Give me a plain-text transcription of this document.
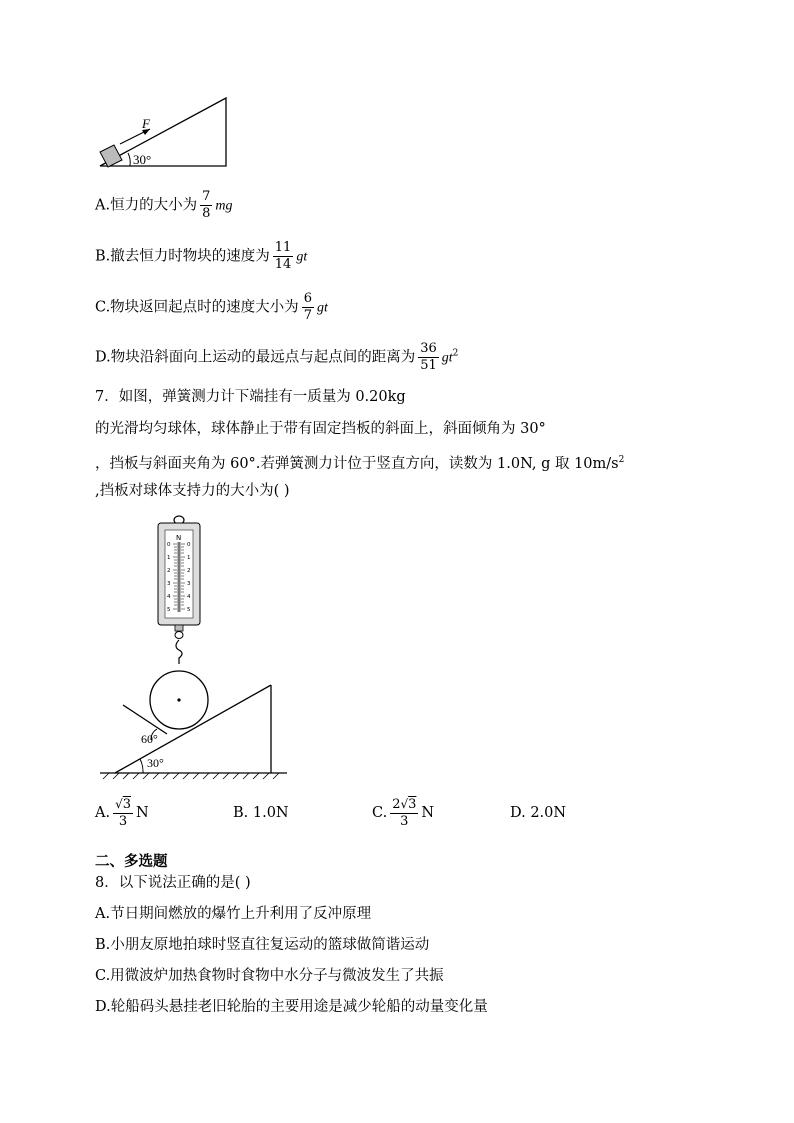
F
30°
A.恒力的大小为 $\frac{7}{8}$ mg
B.撤去恒力时物块的速度为 $\frac{11}{14}$ gt
C.物块返回起点时的速度大小为 $\frac{6}{7}$ gt
D.物块沿斜面向上运动的最远点与起点间的距离为 $\frac{36}{51} gt^2$
7．如图，弹簧测力计下端挂有一质量为 0.20kg
的光滑均匀球体，球体静止于带有固定挡板的斜面上，斜面倾角为 30°
，挡板与斜面夹角为 60°.若弹簧测力计位于竖直方向，读数为 1.0N, g 取 $10m/s^2$
,挡板对球体支持力的大小为( )
N
0
1
2
3
4
5
0
1
2
3
4
5
60°
30°
A. $\frac{√3}{3}$ N	B. 1.0N	C. $\frac{2√3}{3}$ N	D. 2.0N
二、多选题
8．以下说法正确的是( )
A.节日期间燃放的爆竹上升利用了反冲原理
B.小朋友原地拍球时竖直往复运动的篮球做简谐运动
C.用微波炉加热食物时食物中水分子与微波发生了共振
D.轮船码头悬挂老旧轮胎的主要用途是减少轮船的动量变化量
